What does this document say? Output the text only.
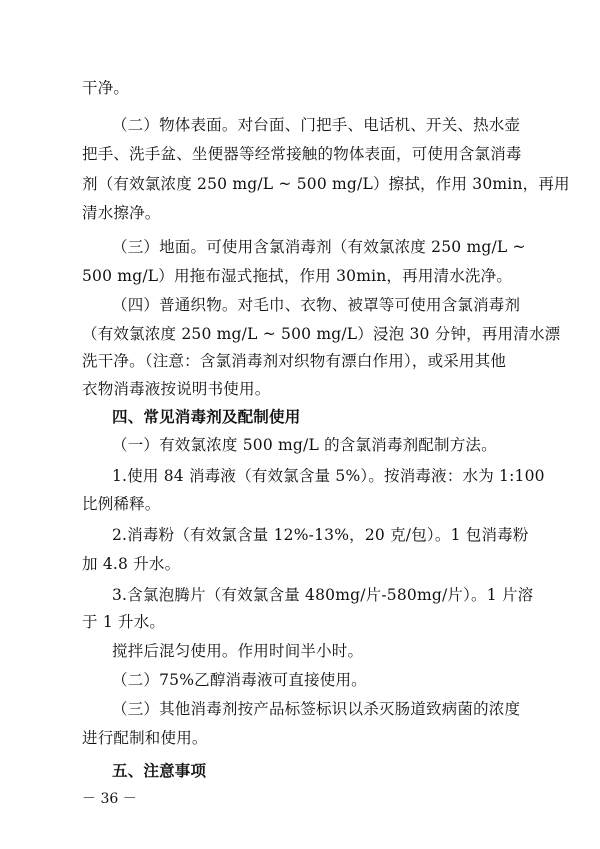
干净。
（二）物体表面。对台面、门把手、电话机、开关、热水壶
把手、洗手盆、坐便器等经常接触的物体表面，可使用含氯消毒
剂（有效氯浓度 250 mg/L ~ 500 mg/L）擦拭，作用 30min，再用
清水擦净。
（三）地面。可使用含氯消毒剂（有效氯浓度 250 mg/L ~
500 mg/L）用拖布湿式拖拭，作用 30min，再用清水洗净。
（四）普通织物。对毛巾、衣物、被罩等可使用含氯消毒剂
（有效氯浓度 250 mg/L ~ 500 mg/L）浸泡 30 分钟，再用清水漂
洗干净。（注意：含氯消毒剂对织物有漂白作用），或采用其他
衣物消毒液按说明书使用。
四、常见消毒剂及配制使用
（一）有效氯浓度 500 mg/L 的含氯消毒剂配制方法。
1.使用 84 消毒液（有效氯含量 5%）。按消毒液：水为 1:100
比例稀释。
2.消毒粉（有效氯含量 12%-13%，20 克/包）。1 包消毒粉
加 4.8 升水。
3.含氯泡腾片（有效氯含量 480mg/片-580mg/片）。1 片溶
于 1 升水。
搅拌后混匀使用。作用时间半小时。
（二）75%乙醇消毒液可直接使用。
（三）其他消毒剂按产品标签标识以杀灭肠道致病菌的浓度
进行配制和使用。
五、注意事项
－ 36 －
